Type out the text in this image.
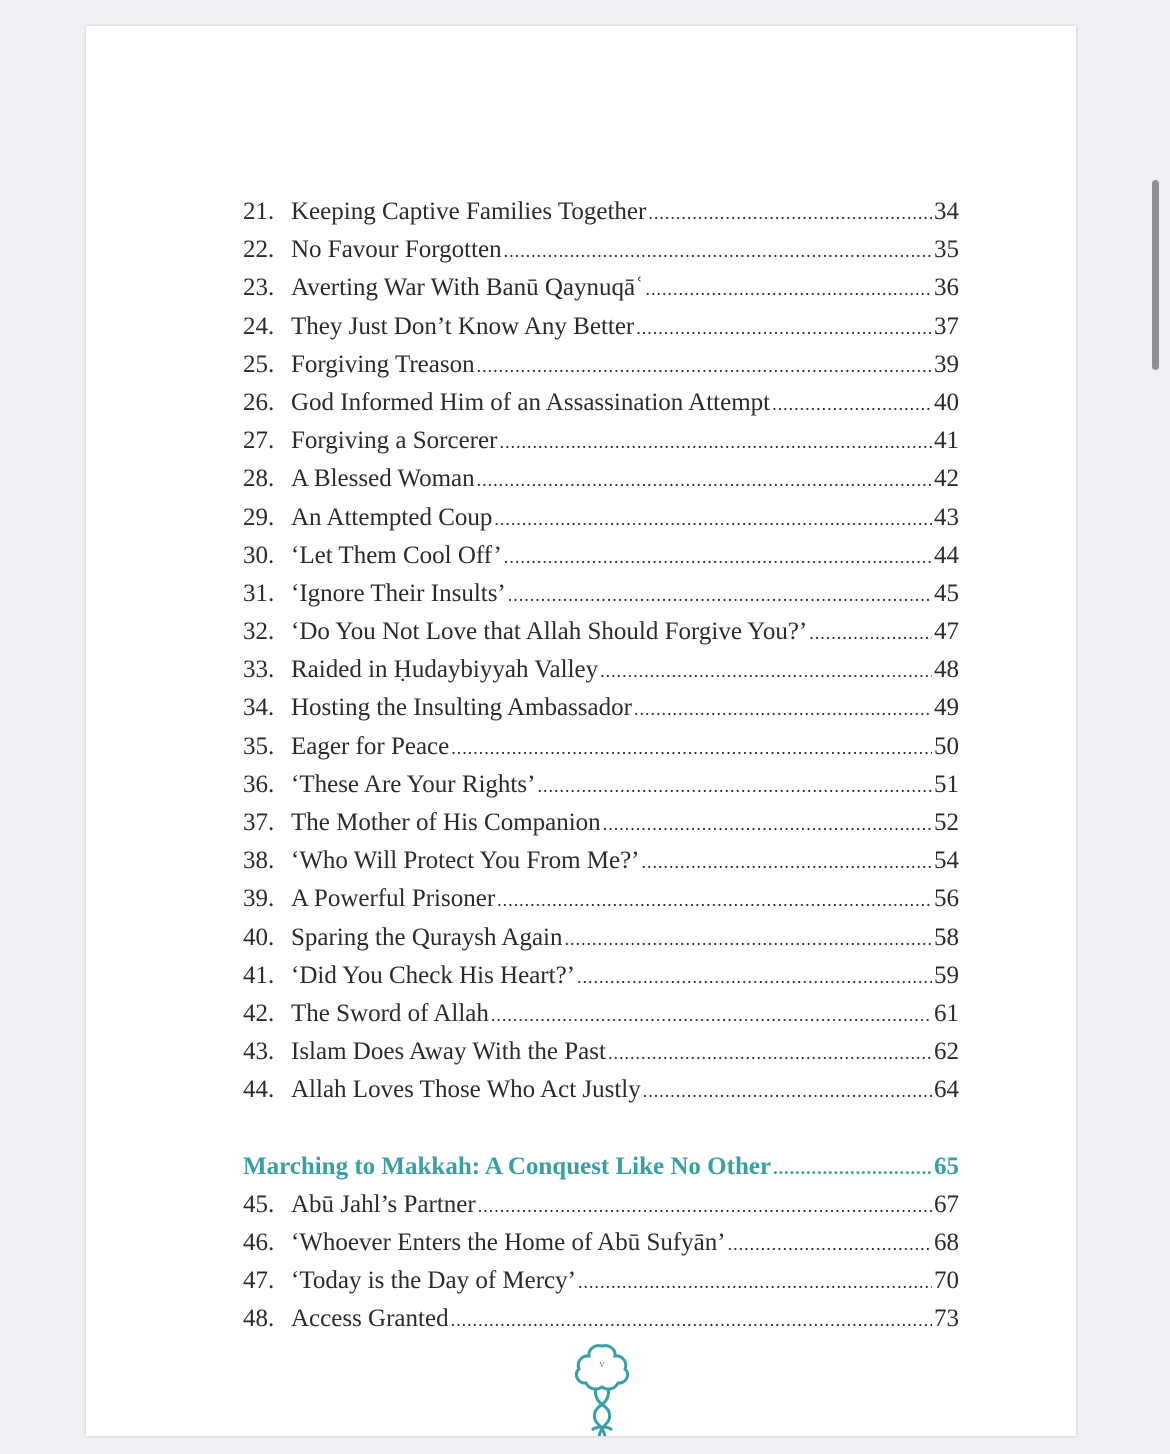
21. Keeping Captive Families Together .....	34
22. No Favour Forgotten .....	35
23. Averting War With Banū Qaynuqāʿ .....	36
24. They Just Don’t Know Any Better .....	37
25. Forgiving Treason .....	39
26. God Informed Him of an Assassination Attempt .....	40
27. Forgiving a Sorcerer .....	41
28. A Blessed Woman .....	42
29. An Attempted Coup .....	43
30. ‘Let Them Cool Off’ .....	44
31. ‘Ignore Their Insults’ .....	45
32. ‘Do You Not Love that Allah Should Forgive You?’ .....	47
33. Raided in Ḥudaybiyyah Valley .....	48
34. Hosting the Insulting Ambassador .....	49
35. Eager for Peace .....	50
36. ‘These Are Your Rights’ .....	51
37. The Mother of His Companion .....	52
38. ‘Who Will Protect You From Me?’ .....	54
39. A Powerful Prisoner .....	56
40. Sparing the Quraysh Again .....	58
41. ‘Did You Check His Heart?’ .....	59
42. The Sword of Allah .....	61
43. Islam Does Away With the Past .....	62
44. Allah Loves Those Who Act Justly .....	64
Marching to Makkah: A Conquest Like No Other .....	65
45. Abū Jahl’s Partner .....	67
46. ‘Whoever Enters the Home of Abū Sufyān’ .....	68
47. ‘Today is the Day of Mercy’ .....	70
48. Access Granted .....	73
v
